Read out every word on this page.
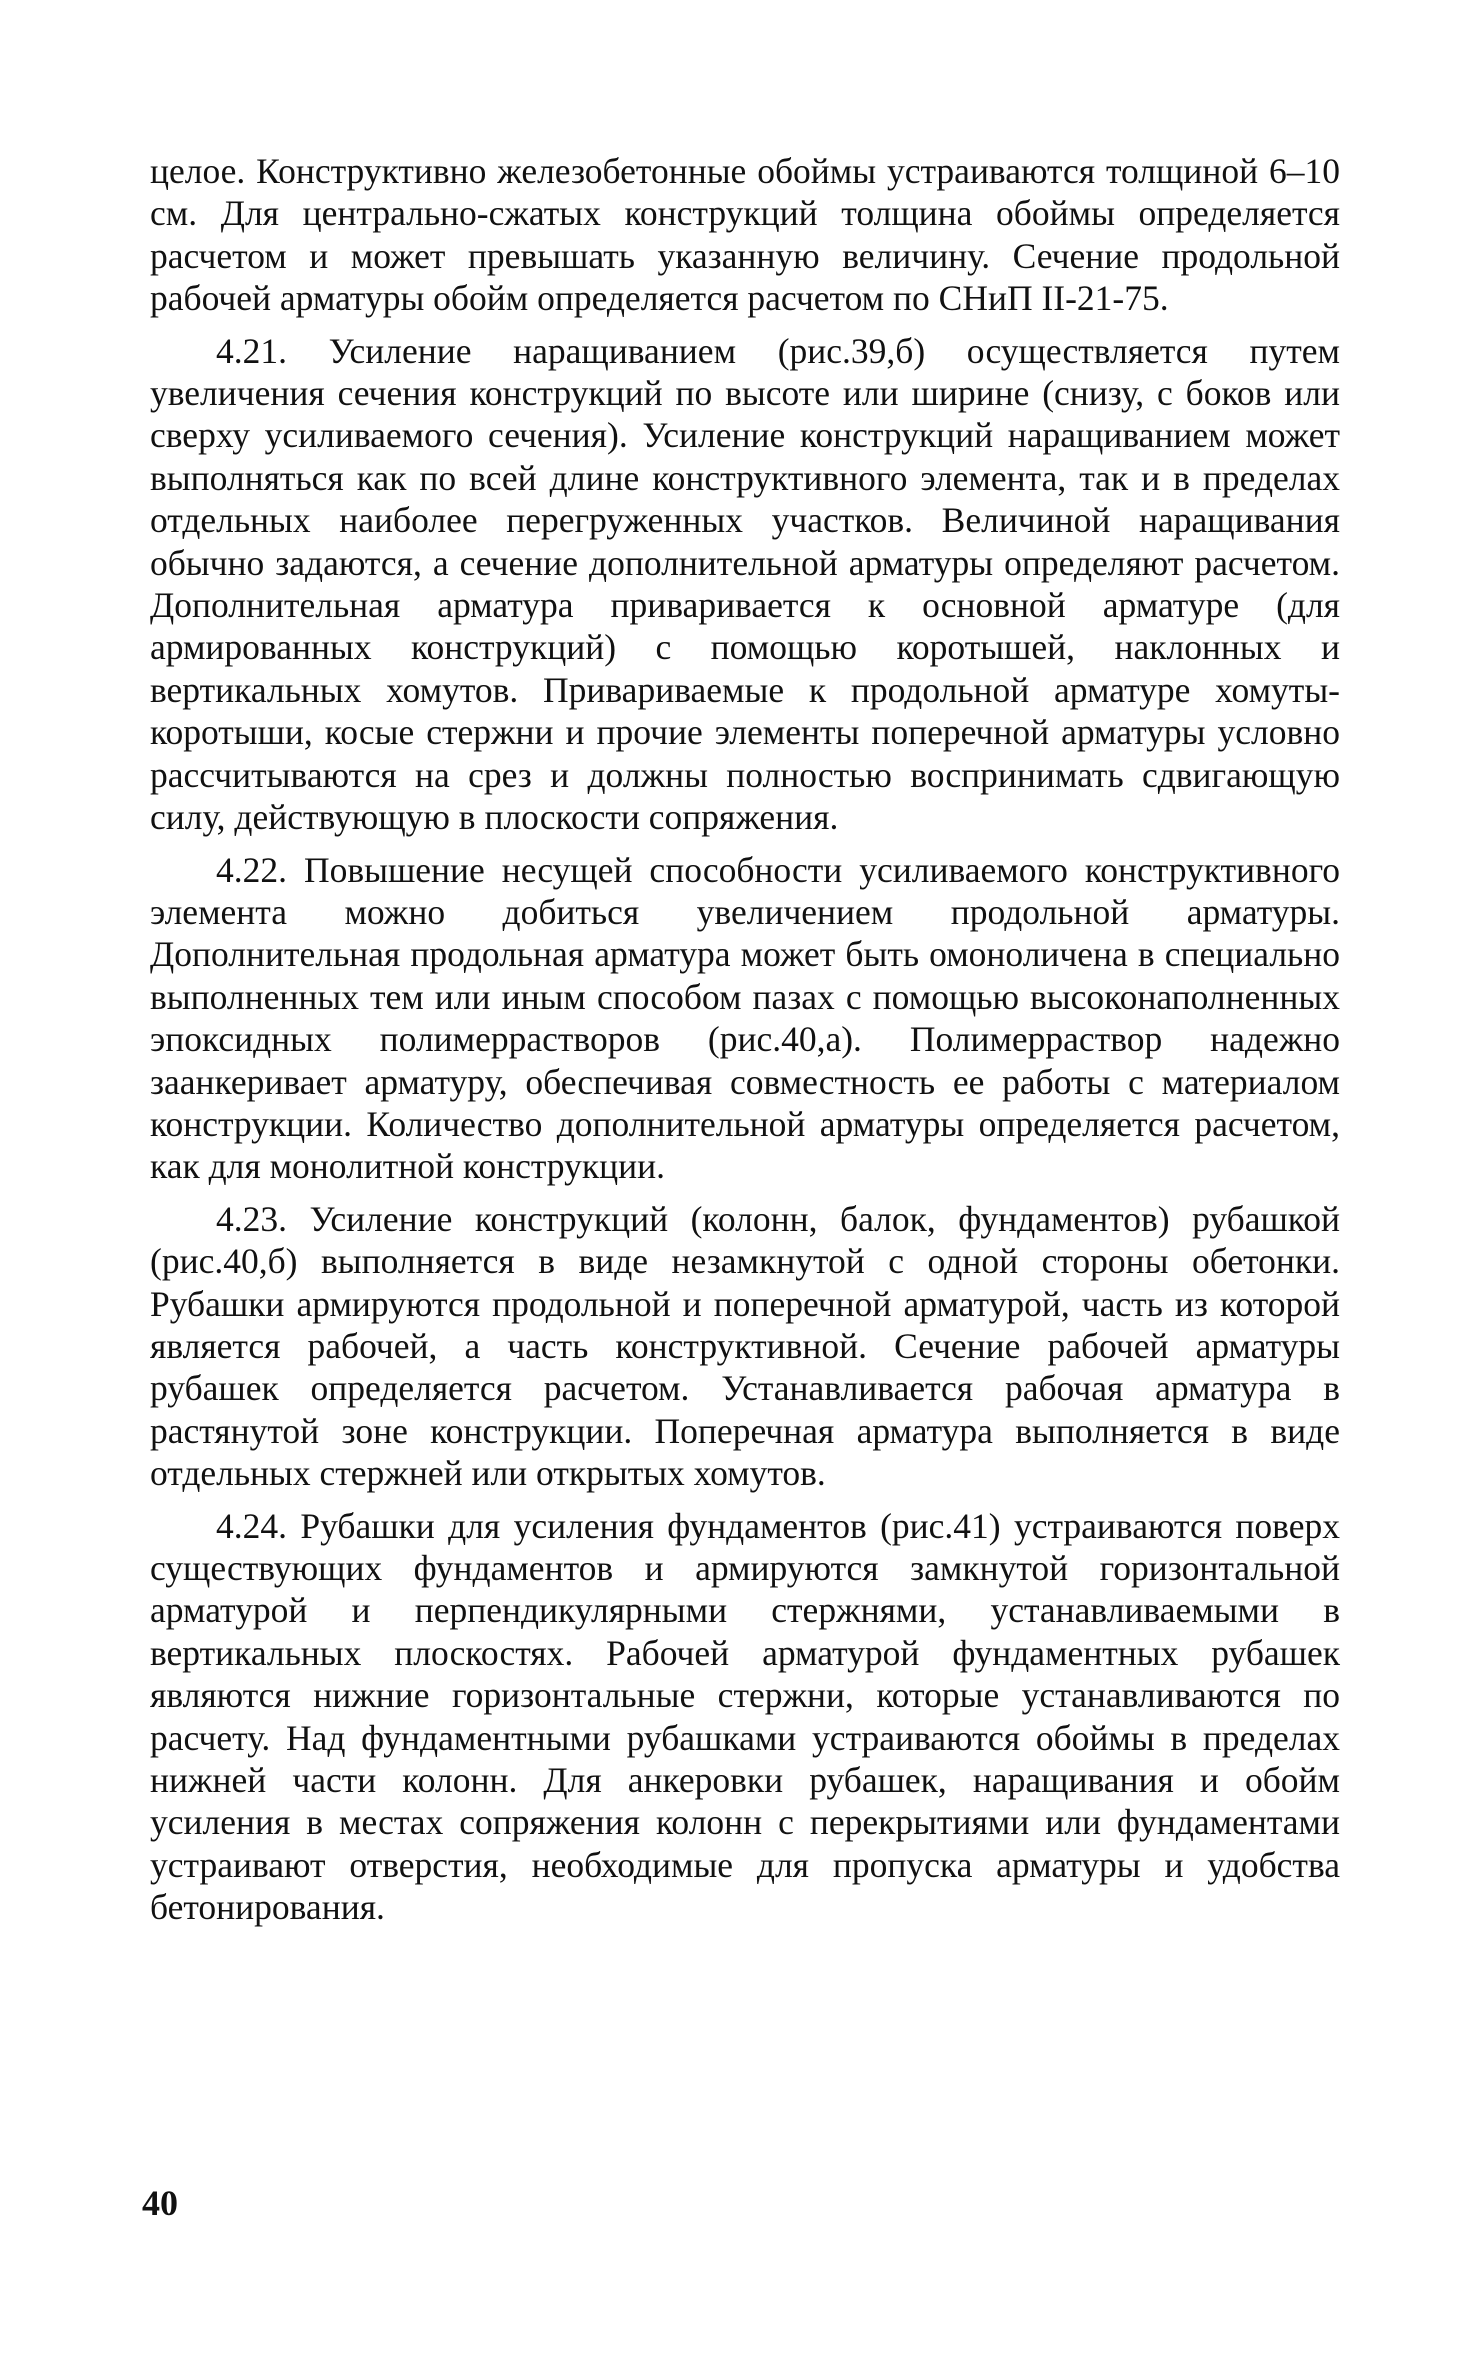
целое. Конструктивно железобетонные обоймы устраиваются толщиной 6–10 см. Для центрально-сжатых конструкций толщина обоймы определяется расчетом и может превышать указанную величину. Сечение продольной рабочей арматуры обойм определяется расчетом по СНиП II-21-75.

4.21. Усиление наращиванием (рис.39,б) осуществляется путем увеличения сечения конструкций по высоте или ширине (снизу, с боков или сверху усиливаемого сечения). Усиление конструкций наращиванием может выполняться как по всей длине конструктивного элемента, так и в пределах отдельных наиболее перегруженных участков. Величиной наращивания обычно задаются, а сечение дополнительной арматуры определяют расчетом. Дополнительная арматура приваривается к основной арматуре (для армированных конструкций) с помощью коротышей, наклонных и вертикальных хомутов. Привариваемые к продольной арматуре хомуты-коротыши, косые стержни и прочие элементы поперечной арматуры условно рассчитываются на срез и должны полностью воспринимать сдвигающую силу, действующую в плоскости сопряжения.

4.22. Повышение несущей способности усиливаемого конструктивного элемента можно добиться увеличением продольной арматуры. Дополнительная продольная арматура может быть омоноличена в специально выполненных тем или иным способом пазах с помощью высоконаполненных эпоксидных полимеррастворов (рис.40,а). Полимерраствор надежно заанкеривает арматуру, обеспечивая совместность ее работы с материалом конструкции. Количество дополнительной арматуры определяется расчетом, как для монолитной конструкции.

4.23. Усиление конструкций (колонн, балок, фундаментов) рубашкой (рис.40,б) выполняется в виде незамкнутой с одной стороны обетонки. Рубашки армируются продольной и поперечной арматурой, часть из которой является рабочей, а часть конструктивной. Сечение рабочей арматуры рубашек определяется расчетом. Устанавливается рабочая арматура в растянутой зоне конструкции. Поперечная арматура выполняется в виде отдельных стержней или открытых хомутов.

4.24. Рубашки для усиления фундаментов (рис.41) устраиваются поверх существующих фундаментов и армируются замкнутой горизонтальной арматурой и перпендикулярными стержнями, устанавливаемыми в вертикальных плоскостях. Рабочей арматурой фундаментных рубашек являются нижние горизонтальные стержни, которые устанавливаются по расчету. Над фундаментными рубашками устраиваются обоймы в пределах нижней части колонн. Для анкеровки рубашек, наращивания и обойм усиления в местах сопряжения колонн с перекрытиями или фундаментами устраивают отверстия, необходимые для пропуска арматуры и удобства бетонирования.

40
